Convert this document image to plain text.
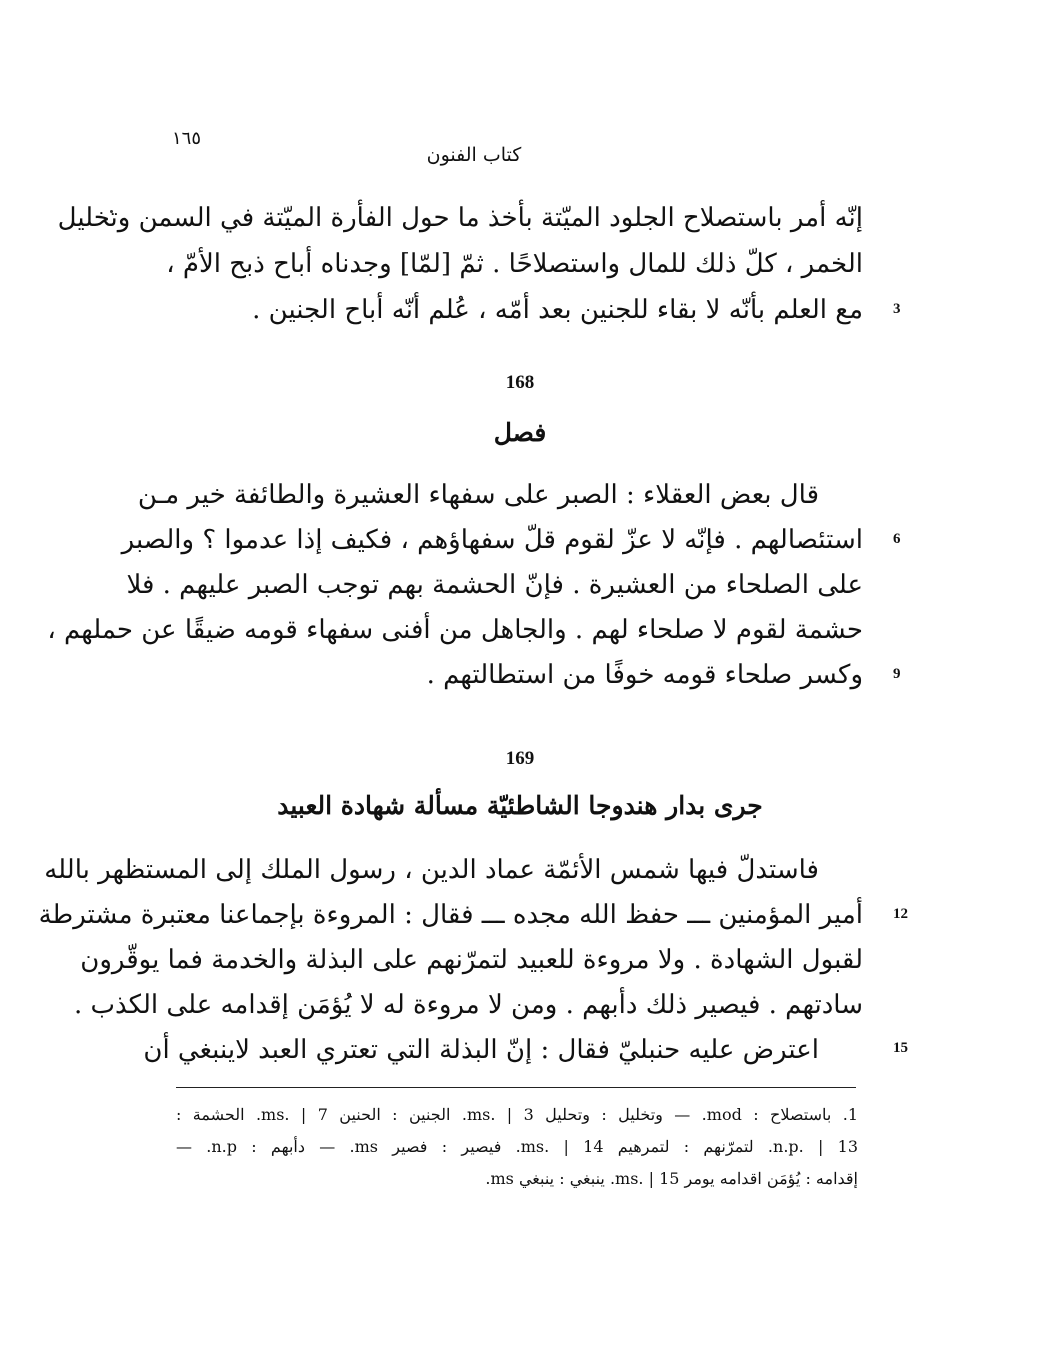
١٦٥
كتاب الفنون
إنّه أمر باستصلاح الجلود الميّتة بأخذ ما حول الفأرة الميّتة في السمن وتخليل
الخمر ، كلّ ذلك للمال واستصلاحًا . ثمّ [لمّا] وجدناه أباح ذبح الأمّ ،
مع العلم بأنّه لا بقاء للجنين بعد أمّه ، عُلم أنّه أباح الجنين . 3
168
فصل
قال بعض العقلاء : الصبر على سفهاء العشيرة والطائفة خير مـن
استئصالهم . فإنّه لا عزّ لقوم قلّ سفهاؤهم ، فكيف إذا عدموا ؟ والصبر
على الصلحاء من العشيرة . فإنّ الحشمة بهم توجب الصبر عليهم . فلا
حشمة لقوم لا صلحاء لهم . والجاهل من أفنى سفهاء قومه ضيقًا عن حملهم ،
وكسر صلحاء قومه خوفًا من استطالتهم .
6
9
169
جرى بدار هندوجا الشاطئيّة مسألة شهادة العبيد
فاستدلّ فيها شمس الأئمّة عماد الدين ، رسول الملك إلى المستظهر بالله
أمير المؤمنين ـــ حفظ الله مجده ـــ فقال : المروءة بإجماعنا معتبرة مشترطة
لقبول الشهادة . ولا مروءة للعبيد لتمرّنهم على البذلة والخدمة فما يوقّرون
سادتهم . فيصير ذلك دأبهم . ومن لا مروءة له لا يُؤمَن إقدامه على الكذب .
اعترض عليه حنبليّ فقال : إنّ البذلة التي تعتري العبد لاينبغي أن
12
15
1. باستصلاح : mod. — وتخليل : وتحليل ms. | 3. الجنين : الحنين ms. | 7. الحشمة :
n.p. | 13. لتمرّنهم : لتمرهيم ms. | 14. فيصير : فصير ms. — دأبهم : n.p. —
إقدامه : يُؤمَن اقدامه يومر ms. | 15. ينبغي : ينبغي ms.
